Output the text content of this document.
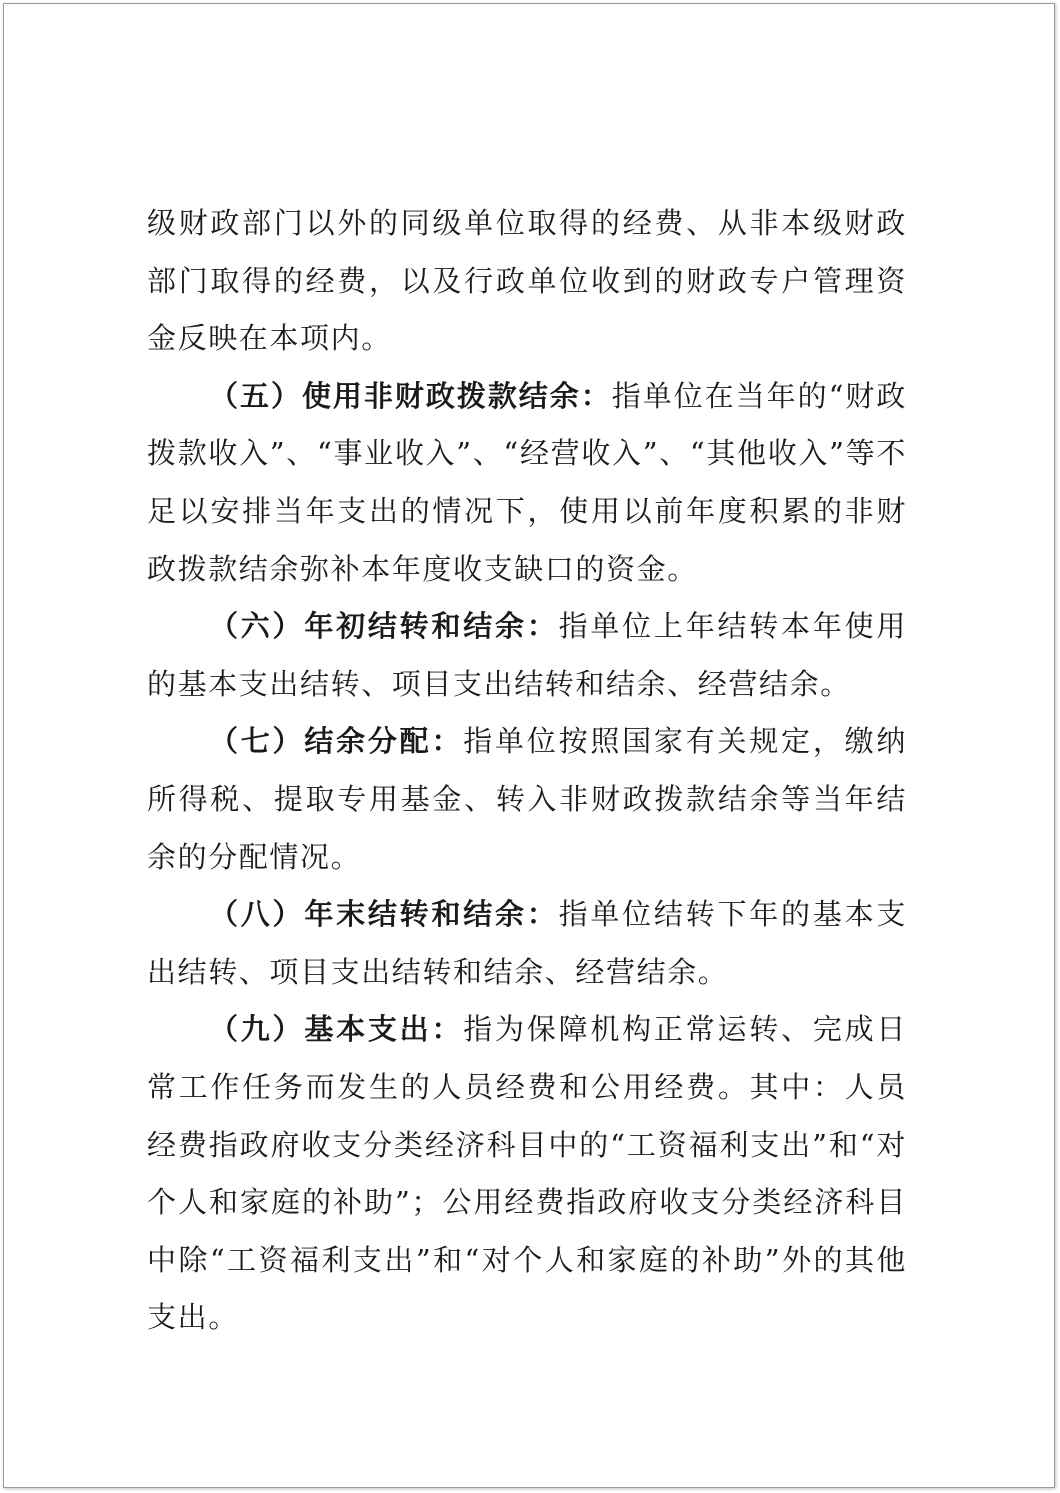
级财政部门以外的同级单位取得的经费、从非本级财政部门取得的经费，以及行政单位收到的财政专户管理资金反映在本项内。

（五）使用非财政拨款结余：指单位在当年的“财政拨款收入”、“事业收入”、“经营收入”、“其他收入”等不足以安排当年支出的情况下，使用以前年度积累的非财政拨款结余弥补本年度收支缺口的资金。

（六）年初结转和结余：指单位上年结转本年使用的基本支出结转、项目支出结转和结余、经营结余。

（七）结余分配：指单位按照国家有关规定，缴纳所得税、提取专用基金、转入非财政拨款结余等当年结余的分配情况。

（八）年末结转和结余：指单位结转下年的基本支出结转、项目支出结转和结余、经营结余。

（九）基本支出：指为保障机构正常运转、完成日常工作任务而发生的人员经费和公用经费。其中：人员经费指政府收支分类经济科目中的“工资福利支出”和“对个人和家庭的补助”；公用经费指政府收支分类经济科目中除“工资福利支出”和“对个人和家庭的补助”外的其他支出。
